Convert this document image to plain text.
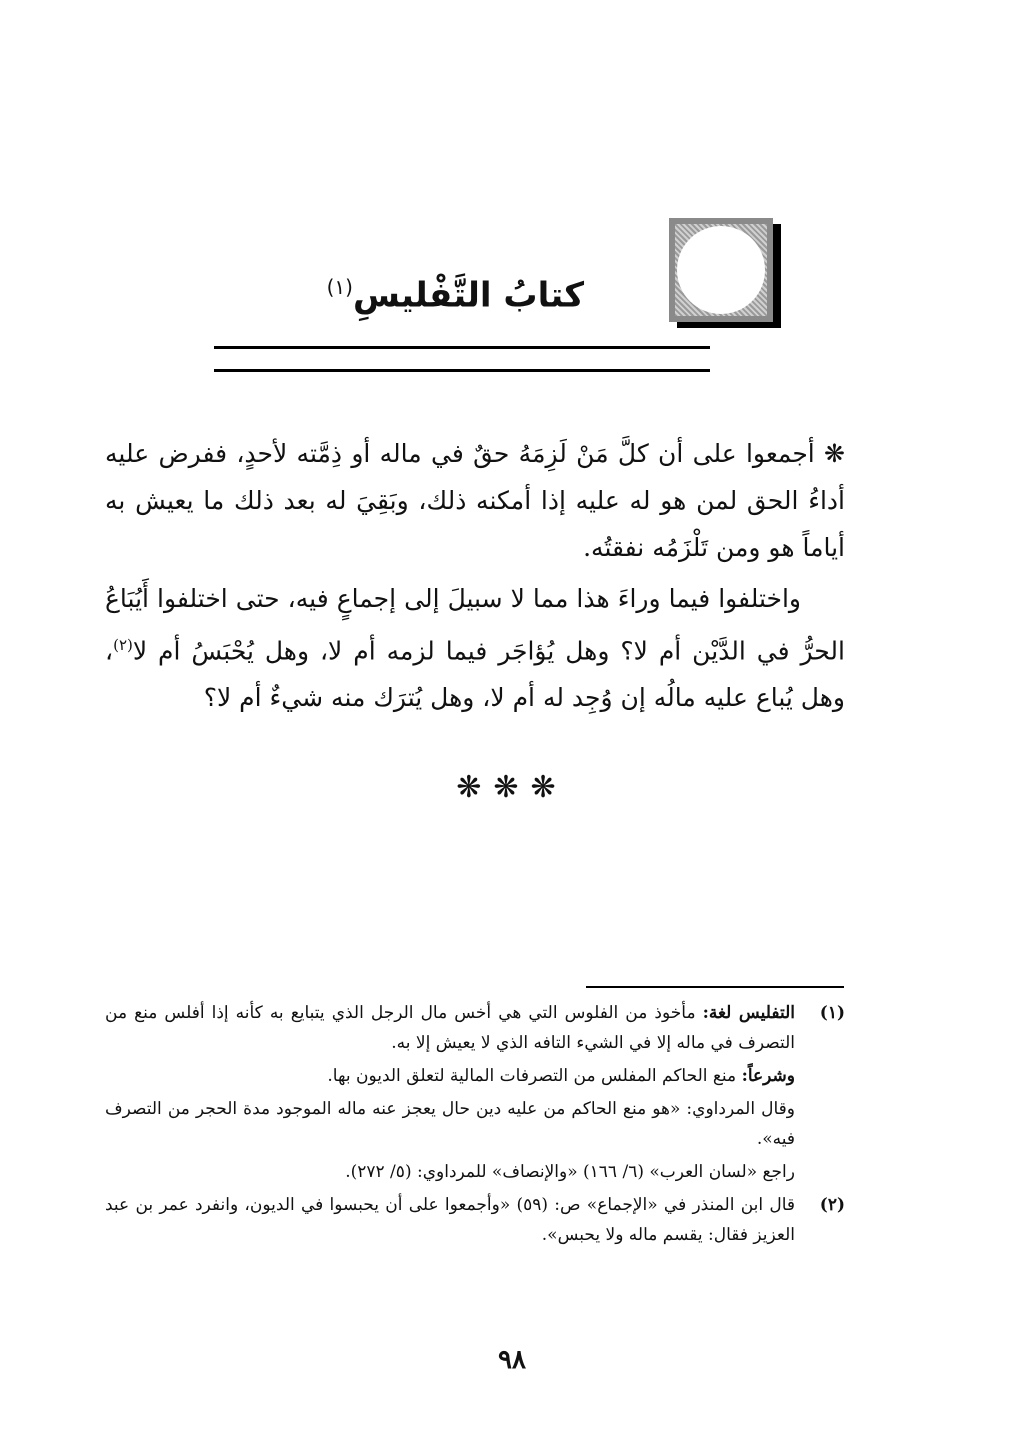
كتابُ التَّفْليسِ$^{(١)}$

❋ أجمعوا على أن كلَّ مَنْ لَزِمَهُ حقٌ في ماله أو ذِمَّته لأحدٍ، ففرض عليه أداءُ الحق لمن هو له عليه إذا أمكنه ذلك، وبَقِيَ له بعد ذلك ما يعيش به أياماً هو ومن تَلْزَمُه نفقتُه.

واختلفوا فيما وراءَ هذا مما لا سبيلَ إلى إجماعٍ فيه، حتى اختلفوا أَيُبَاعُ الحرُّ في الدَّيْن أم لا؟ وهل يُؤاجَر فيما لزمه أم لا، وهل يُحْبَسُ أم لا$^{(٢)}$، وهل يُباع عليه مالُه إن وُجِد له أم لا، وهل يُترَك منه شيءٌ أم لا؟

❋❋❋
(١)

التفليس لغة: مأخوذ من الفلوس التي هي أخس مال الرجل الذي يتبايع به كأنه إذا أفلس منع من التصرف في ماله إلا في الشيء التافه الذي لا يعيش إلا به.

وشرعاً: منع الحاكم المفلس من التصرفات المالية لتعلق الديون بها.

وقال المرداوي: «هو منع الحاكم من عليه دين حال يعجز عنه ماله الموجود مدة الحجر من التصرف فيه».

راجع «لسان العرب» (٦/ ١٦٦) «والإنصاف» للمرداوي: (٥/ ٢٧٢).

(٢)

قال ابن المنذر في «الإجماع» ص: (٥٩) «وأجمعوا على أن يحبسوا في الديون، وانفرد عمر بن عبد العزيز فقال: يقسم ماله ولا يحبس».

٩٨
